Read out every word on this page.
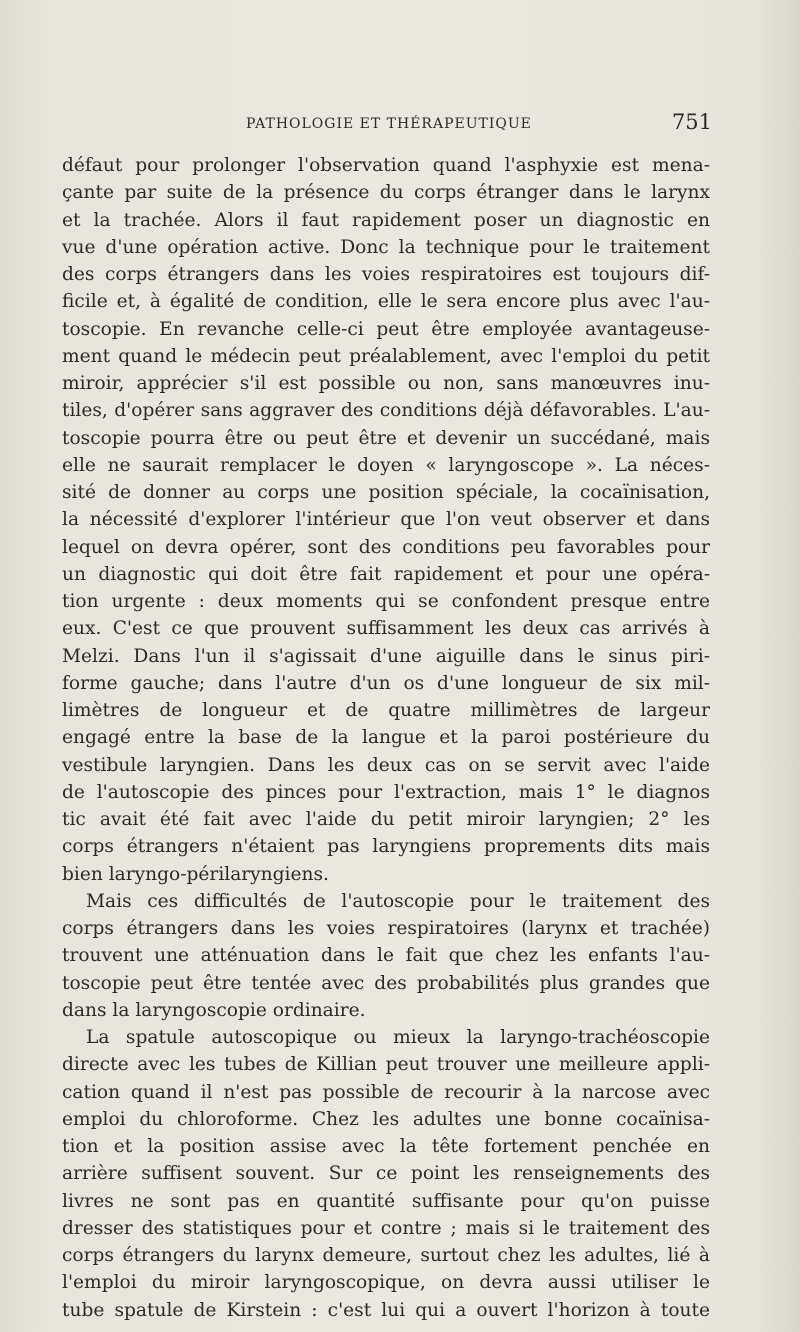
PATHOLOGIE ET THÉRAPEUTIQUE	751
défaut pour prolonger l'observation quand l'asphyxie est mena-
çante par suite de la présence du corps étranger dans le larynx
et la trachée. Alors il faut rapidement poser un diagnostic en
vue d'une opération active. Donc la technique pour le traitement
des corps étrangers dans les voies respiratoires est toujours dif-
ficile et, à égalité de condition, elle le sera encore plus avec l'au-
toscopie. En revanche celle-ci peut être employée avantageuse-
ment quand le médecin peut préalablement, avec l'emploi du petit
miroir, apprécier s'il est possible ou non, sans manœuvres inu-
tiles, d'opérer sans aggraver des conditions déjà défavorables. L'au-
toscopie pourra être ou peut être et devenir un succédané, mais
elle ne saurait remplacer le doyen « laryngoscope ». La néces-
sité de donner au corps une position spéciale, la cocaïnisation,
la nécessité d'explorer l'intérieur que l'on veut observer et dans
lequel on devra opérer, sont des conditions peu favorables pour
un diagnostic qui doit être fait rapidement et pour une opéra-
tion urgente : deux moments qui se confondent presque entre
eux. C'est ce que prouvent suffisamment les deux cas arrivés à
Melzi. Dans l'un il s'agissait d'une aiguille dans le sinus piri-
forme gauche; dans l'autre d'un os d'une longueur de six mil-
limètres de longueur et de quatre millimètres de largeur
engagé entre la base de la langue et la paroi postérieure du
vestibule laryngien. Dans les deux cas on se servit avec l'aide
de l'autoscopie des pinces pour l'extraction, mais 1° le diagnos
tic avait été fait avec l'aide du petit miroir laryngien; 2° les
corps étrangers n'étaient pas laryngiens proprements dits mais
bien laryngo-périlaryngiens.
Mais ces difficultés de l'autoscopie pour le traitement des
corps étrangers dans les voies respiratoires (larynx et trachée)
trouvent une atténuation dans le fait que chez les enfants l'au-
toscopie peut être tentée avec des probabilités plus grandes que
dans la laryngoscopie ordinaire.
La spatule autoscopique ou mieux la laryngo-trachéoscopie
directe avec les tubes de Killian peut trouver une meilleure appli-
cation quand il n'est pas possible de recourir à la narcose avec
emploi du chloroforme. Chez les adultes une bonne cocaïnisa-
tion et la position assise avec la tête fortement penchée en
arrière suffisent souvent. Sur ce point les renseignements des
livres ne sont pas en quantité suffisante pour qu'on puisse
dresser des statistiques pour et contre ; mais si le traitement des
corps étrangers du larynx demeure, surtout chez les adultes, lié à
l'emploi du miroir laryngoscopique, on devra aussi utiliser le
tube spatule de Kirstein : c'est lui qui a ouvert l'horizon à toute
